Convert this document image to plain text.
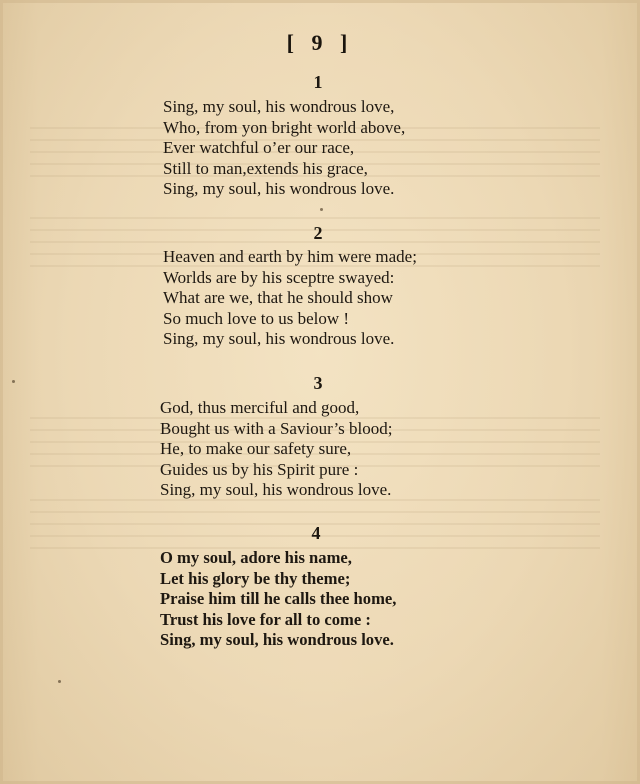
[ 9 ]
1
Sing, my soul, his wondrous love,
Who, from yon bright world above,
Ever watchful o’er our race,
Still to man,extends his grace,
Sing, my soul, his wondrous love.
2
Heaven and earth by him were made;
Worlds are by his sceptre swayed:
What are we, that he should show
So much love to us below !
Sing, my soul, his wondrous love.
3
God, thus merciful and good,
Bought us with a Saviour’s blood;
He, to make our safety sure,
Guides us by his Spirit pure :
Sing, my soul, his wondrous love.
4
O my soul, adore his name,
Let his glory be thy theme;
Praise him till he calls thee home,
Trust his love for all to come :
Sing, my soul, his wondrous love.
